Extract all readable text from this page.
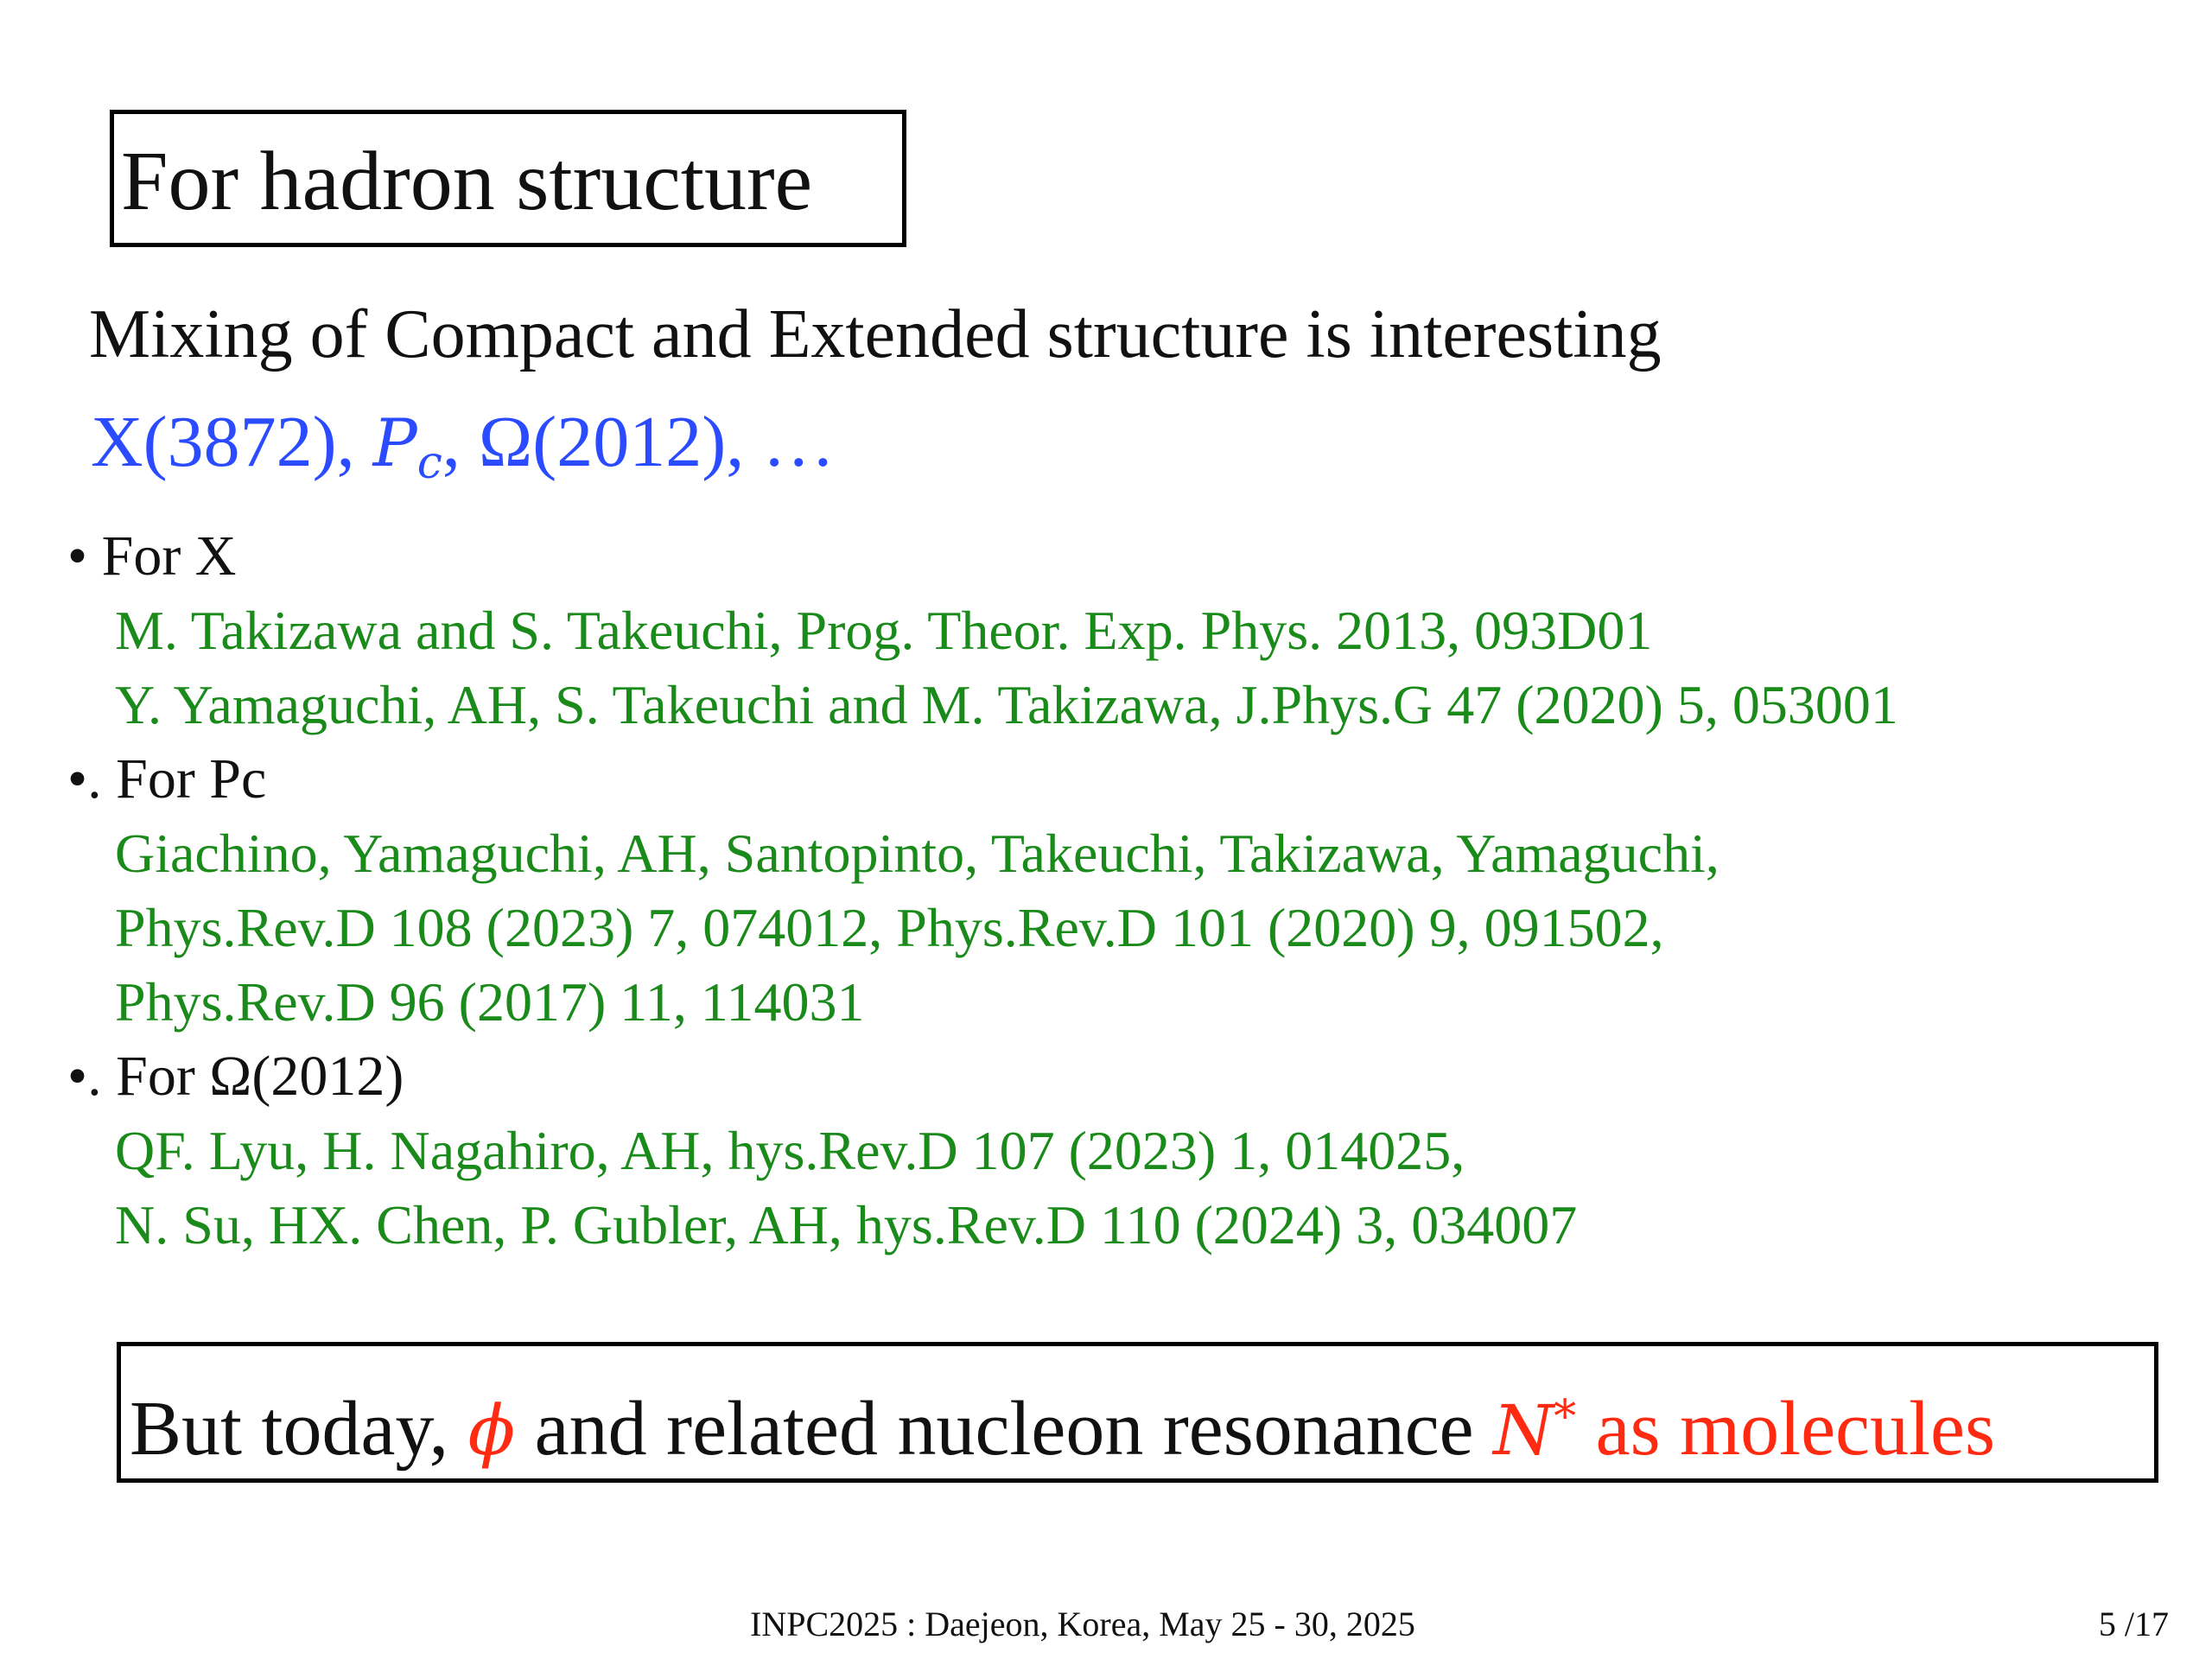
For hadron structure
Mixing of Compact and Extended structure is interesting
X(3872), $P_c$, Ω(2012), …
• For X
M. Takizawa and S. Takeuchi, Prog. Theor. Exp. Phys. 2013, 093D01
Y. Yamaguchi, AH, S. Takeuchi and M. Takizawa, J.Phys.G 47 (2020) 5, 053001
•. For Pc
Giachino, Yamaguchi, AH, Santopinto, Takeuchi, Takizawa, Yamaguchi,
Phys.Rev.D 108 (2023) 7, 074012, Phys.Rev.D 101 (2020) 9, 091502,
Phys.Rev.D 96 (2017) 11, 114031
•. For Ω(2012)
QF. Lyu, H. Nagahiro, AH, hys.Rev.D 107 (2023) 1, 014025,
N. Su, HX. Chen, P. Gubler, AH, hys.Rev.D 110 (2024) 3, 034007
But today, ϕ and related nucleon resonance N* as molecules
INPC2025 : Daejeon, Korea, May 25 - 30, 2025	5 /17
